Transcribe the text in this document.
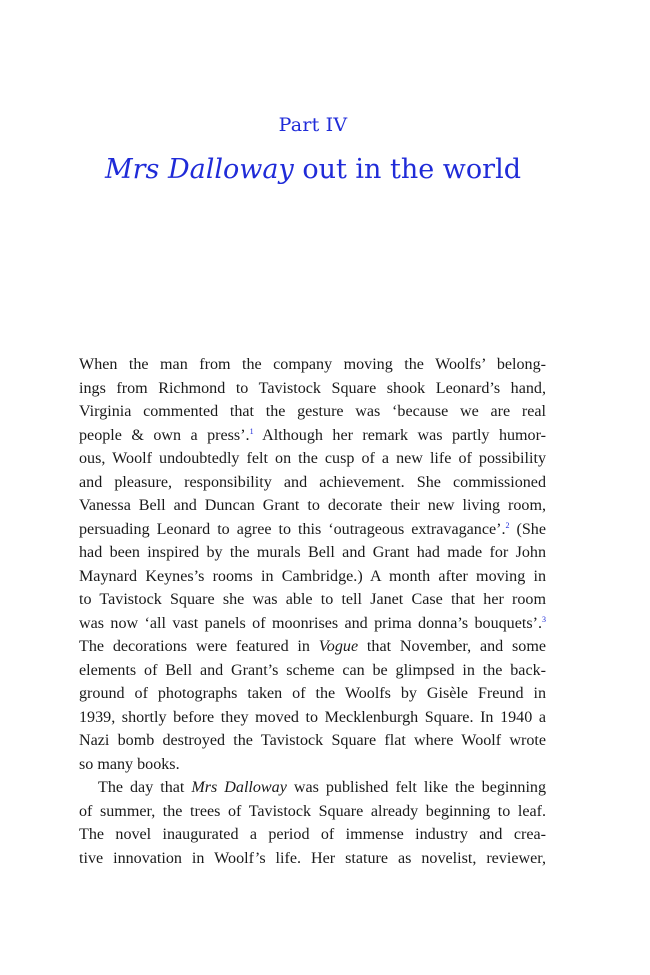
Part IV
Mrs Dalloway out in the world
When the man from the company moving the Woolfs’ belong-
ings from Richmond to Tavistock Square shook Leonard’s hand,
Virginia commented that the gesture was ‘because we are real
people & own a press’.$^1$ Although her remark was partly humor-
ous, Woolf undoubtedly felt on the cusp of a new life of possibility
and pleasure, responsibility and achievement. She commissioned
Vanessa Bell and Duncan Grant to decorate their new living room,
persuading Leonard to agree to this ‘outrageous extravagance’.$^2$ (She
had been inspired by the murals Bell and Grant had made for John
Maynard Keynes’s rooms in Cambridge.) A month after moving in
to Tavistock Square she was able to tell Janet Case that her room
was now ‘all vast panels of moonrises and prima donna’s bouquets’.$^3$
The decorations were featured in Vogue that November, and some
elements of Bell and Grant’s scheme can be glimpsed in the back-
ground of photographs taken of the Woolfs by Gisèle Freund in
1939, shortly before they moved to Mecklenburgh Square. In 1940 a
Nazi bomb destroyed the Tavistock Square flat where Woolf wrote
so many books.
The day that Mrs Dalloway was published felt like the beginning
of summer, the trees of Tavistock Square already beginning to leaf.
The novel inaugurated a period of immense industry and crea-
tive innovation in Woolf’s life. Her stature as novelist, reviewer,
